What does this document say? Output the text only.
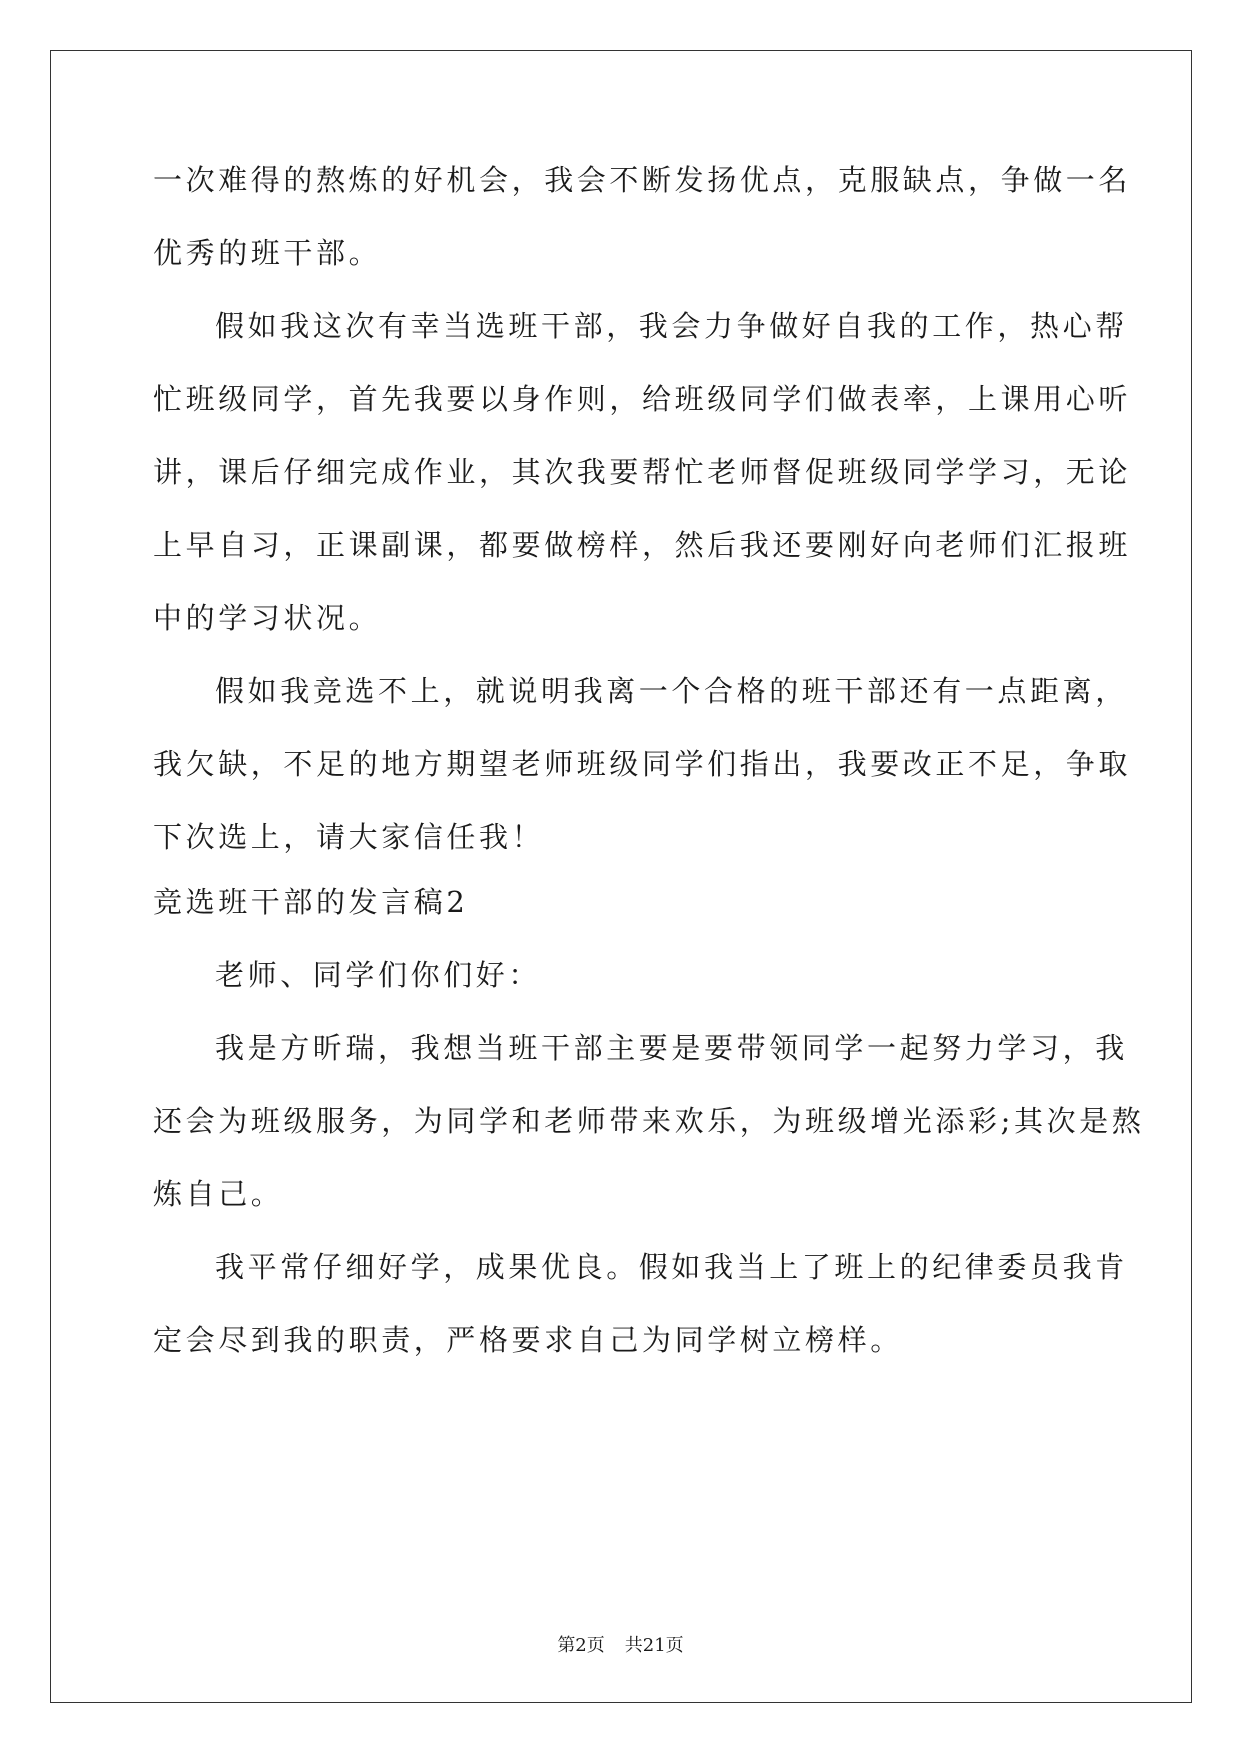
一次难得的熬炼的好机会，我会不断发扬优点，克服缺点，争做一名
优秀的班干部。
假如我这次有幸当选班干部，我会力争做好自我的工作，热心帮
忙班级同学，首先我要以身作则，给班级同学们做表率，上课用心听
讲，课后仔细完成作业，其次我要帮忙老师督促班级同学学习，无论
上早自习，正课副课，都要做榜样，然后我还要刚好向老师们汇报班
中的学习状况。
假如我竞选不上，就说明我离一个合格的班干部还有一点距离，
我欠缺，不足的地方期望老师班级同学们指出，我要改正不足，争取
下次选上，请大家信任我！
竞选班干部的发言稿2
老师、同学们你们好：
我是方昕瑞，我想当班干部主要是要带领同学一起努力学习，我
还会为班级服务，为同学和老师带来欢乐，为班级增光添彩;其次是熬
炼自己。
我平常仔细好学，成果优良。假如我当上了班上的纪律委员我肯
定会尽到我的职责，严格要求自己为同学树立榜样。
第2页 共21页
